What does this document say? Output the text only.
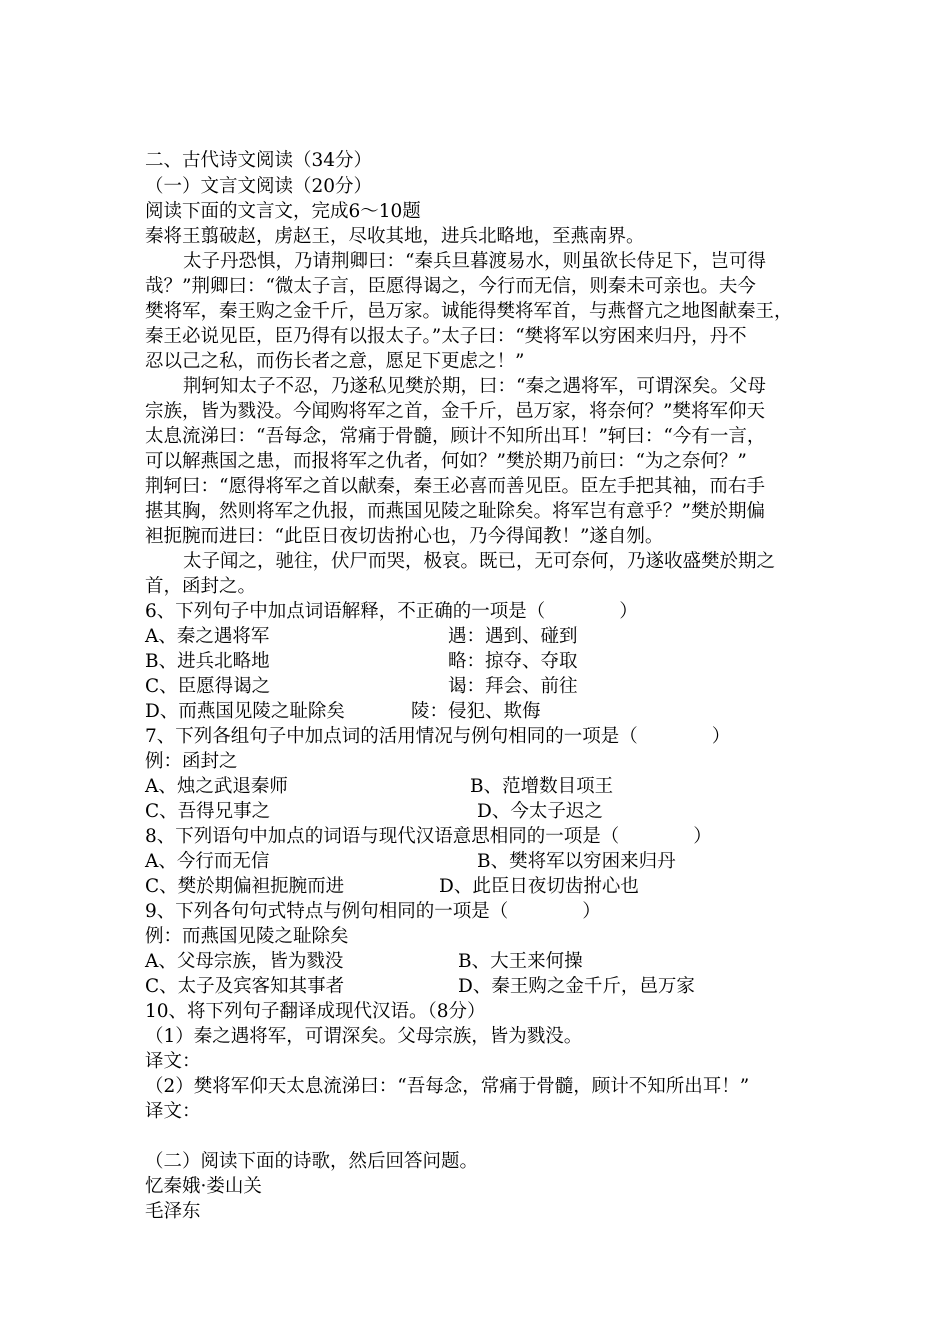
二、古代诗文阅读（34分）
（一）文言文阅读（20分）
阅读下面的文言文，完成6～10题
秦将王翦破赵，虏赵王，尽收其地，进兵北略地，至燕南界。
太子丹恐惧，乃请荆卿曰：“秦兵旦暮渡易水，则虽欲长侍足下，岂可得
哉？”荆卿曰：“微太子言，臣愿得谒之，今行而无信，则秦未可亲也。夫今
樊将军，秦王购之金千斤，邑万家。诚能得樊将军首，与燕督亢之地图献秦王，
秦王必说见臣，臣乃得有以报太子。”太子曰：“樊将军以穷困来归丹，丹不
忍以己之私，而伤长者之意，愿足下更虑之！”
荆轲知太子不忍，乃遂私见樊於期，曰：“秦之遇将军，可谓深矣。父母
宗族，皆为戮没。今闻购将军之首，金千斤，邑万家，将奈何？”樊将军仰天
太息流涕曰：“吾每念，常痛于骨髓，顾计不知所出耳！”轲曰：“今有一言，
可以解燕国之患，而报将军之仇者，何如？”樊於期乃前曰：“为之奈何？”
荆轲曰：“愿得将军之首以献秦，秦王必喜而善见臣。臣左手把其袖，而右手
揕其胸，然则将军之仇报，而燕国见陵之耻除矣。将军岂有意乎？”樊於期偏
袒扼腕而进曰：“此臣日夜切齿拊心也，乃今得闻教！”遂自刎。
太子闻之，驰往，伏尸而哭，极哀。既已，无可奈何，乃遂收盛樊於期之
首，函封之。
6、下列句子中加点词语解释，不正确的一项是（　　　　）
A、秦之遇将军	遇：遇到、碰到
B、进兵北略地	略：掠夺、夺取
C、臣愿得谒之	谒：拜会、前往
D、而燕国见陵之耻除矣	陵：侵犯、欺侮
7、下列各组句子中加点词的活用情况与例句相同的一项是（　　　　）
例：函封之
A、烛之武退秦师	B、范增数目项王
C、吾得兄事之	D、今太子迟之
8、下列语句中加点的词语与现代汉语意思相同的一项是（　　　　）
A、今行而无信	B、樊将军以穷困来归丹
C、樊於期偏袒扼腕而进	D、此臣日夜切齿拊心也
9、下列各句句式特点与例句相同的一项是（　　　　）
例：而燕国见陵之耻除矣
A、父母宗族，皆为戮没	B、大王来何操
C、太子及宾客知其事者	D、秦王购之金千斤，邑万家
10、将下列句子翻译成现代汉语。（8分）
（1）秦之遇将军，可谓深矣。父母宗族，皆为戮没。
译文：
（2）樊将军仰天太息流涕曰：“吾每念，常痛于骨髓，顾计不知所出耳！”
译文：
（二）阅读下面的诗歌，然后回答问题。
忆秦娥·娄山关
毛泽东
